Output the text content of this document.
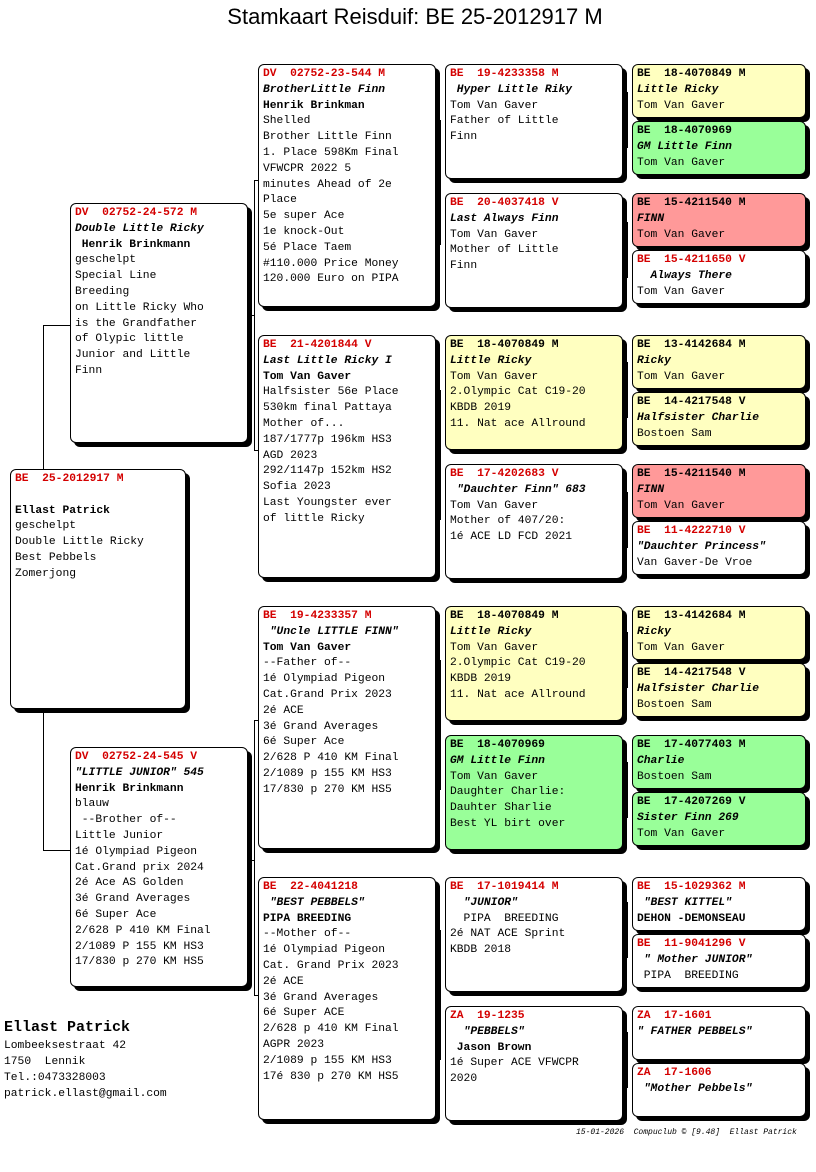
Stamkaart Reisduif: BE 25-2012917 M
BE  25-2012917 M

Ellast Patrick
geschelpt
Double Little Ricky
Best Pebbels
Zomerjong
DV  02752-24-572 M
Double Little Ricky
Henrik Brinkmann
geschelpt
Special Line
Breeding
on Little Ricky Who
is the Grandfather
of Olypic little
Junior and Little
Finn
DV  02752-24-545 V
"LITTLE JUNIOR" 545
Henrik Brinkmann
blauw
--Brother of--
Little Junior
1é Olympiad Pigeon
Cat.Grand prix 2024
2é Ace AS Golden
3é Grand Averages
6é Super Ace
2/628 P 410 KM Final
2/1089 P 155 KM HS3
17/830 p 270 KM HS5
DV  02752-23-544 M
BrotherLittle Finn
Henrik Brinkman
Shelled
Brother Little Finn
1. Place 598Km Final
VFWCPR 2022 5
minutes Ahead of 2e
Place
5e super Ace
1e knock-Out
5é Place Taem
#110.000 Price Money
120.000 Euro on PIPA
BE  21-4201844 V
Last Little Ricky I
Tom Van Gaver
Halfsister 56e Place
530km final Pattaya
Mother of...
187/1777p 196km HS3
AGD 2023
292/1147p 152km HS2
Sofia 2023
Last Youngster ever
of little Ricky
BE  19-4233357 M
"Uncle LITTLE FINN"
Tom Van Gaver
--Father of--
1é Olympiad Pigeon
Cat.Grand Prix 2023
2é ACE
3é Grand Averages
6é Super Ace
2/628 P 410 KM Final
2/1089 p 155 KM HS3
17/830 p 270 KM HS5
BE  22-4041218
"BEST PEBBELS"
PIPA BREEDING
--Mother of--
1é Olympiad Pigeon
Cat. Grand Prix 2023
2é ACE
3é Grand Averages
6é Super ACE
2/628 p 410 KM Final
AGPR 2023
2/1089 p 155 KM HS3
17é 830 p 270 KM HS5
BE  19-4233358 M
Hyper Little Riky
Tom Van Gaver
Father of Little
Finn
BE  20-4037418 V
Last Always Finn
Tom Van Gaver
Mother of Little
Finn
BE  18-4070849 M
Little Ricky
Tom Van Gaver
2.Olympic Cat C19-20
KBDB 2019
11. Nat ace Allround
BE  17-4202683 V
"Dauchter Finn" 683
Tom Van Gaver
Mother of 407/20:
1é ACE LD FCD 2021
BE  18-4070849 M
Little Ricky
Tom Van Gaver
2.Olympic Cat C19-20
KBDB 2019
11. Nat ace Allround
BE  18-4070969
GM Little Finn
Tom Van Gaver
Daughter Charlie:
Dauhter Sharlie
Best YL birt over
BE  17-1019414 M
"JUNIOR"
PIPA  BREEDING
2é NAT ACE Sprint
KBDB 2018
ZA  19-1235
"PEBBELS"
Jason Brown
1é Super ACE VFWCPR
2020
BE  18-4070849 M
Little Ricky
Tom Van Gaver
BE  18-4070969
GM Little Finn
Tom Van Gaver
BE  15-4211540 M
FINN
Tom Van Gaver
BE  15-4211650 V
Always There
Tom Van Gaver
BE  13-4142684 M
Ricky
Tom Van Gaver
BE  14-4217548 V
Halfsister Charlie
Bostoen Sam
BE  15-4211540 M
FINN
Tom Van Gaver
BE  11-4222710 V
"Dauchter Princess"
Van Gaver-De Vroe
BE  13-4142684 M
Ricky
Tom Van Gaver
BE  14-4217548 V
Halfsister Charlie
Bostoen Sam
BE  17-4077403 M
Charlie
Bostoen Sam
BE  17-4207269 V
Sister Finn 269
Tom Van Gaver
BE  15-1029362 M
"BEST KITTEL"
DEHON -DEMONSEAU
BE  11-9041296 V
" Mother JUNIOR"
PIPA  BREEDING
ZA  17-1601
" FATHER PEBBELS"
ZA  17-1606
"Mother Pebbels"
Ellast Patrick
Lombeeksestraat 42
1750  Lennik
Tel.:0473328003
patrick.ellast@gmail.com
15-01-2026  Compuclub © [9.48]  Ellast Patrick
